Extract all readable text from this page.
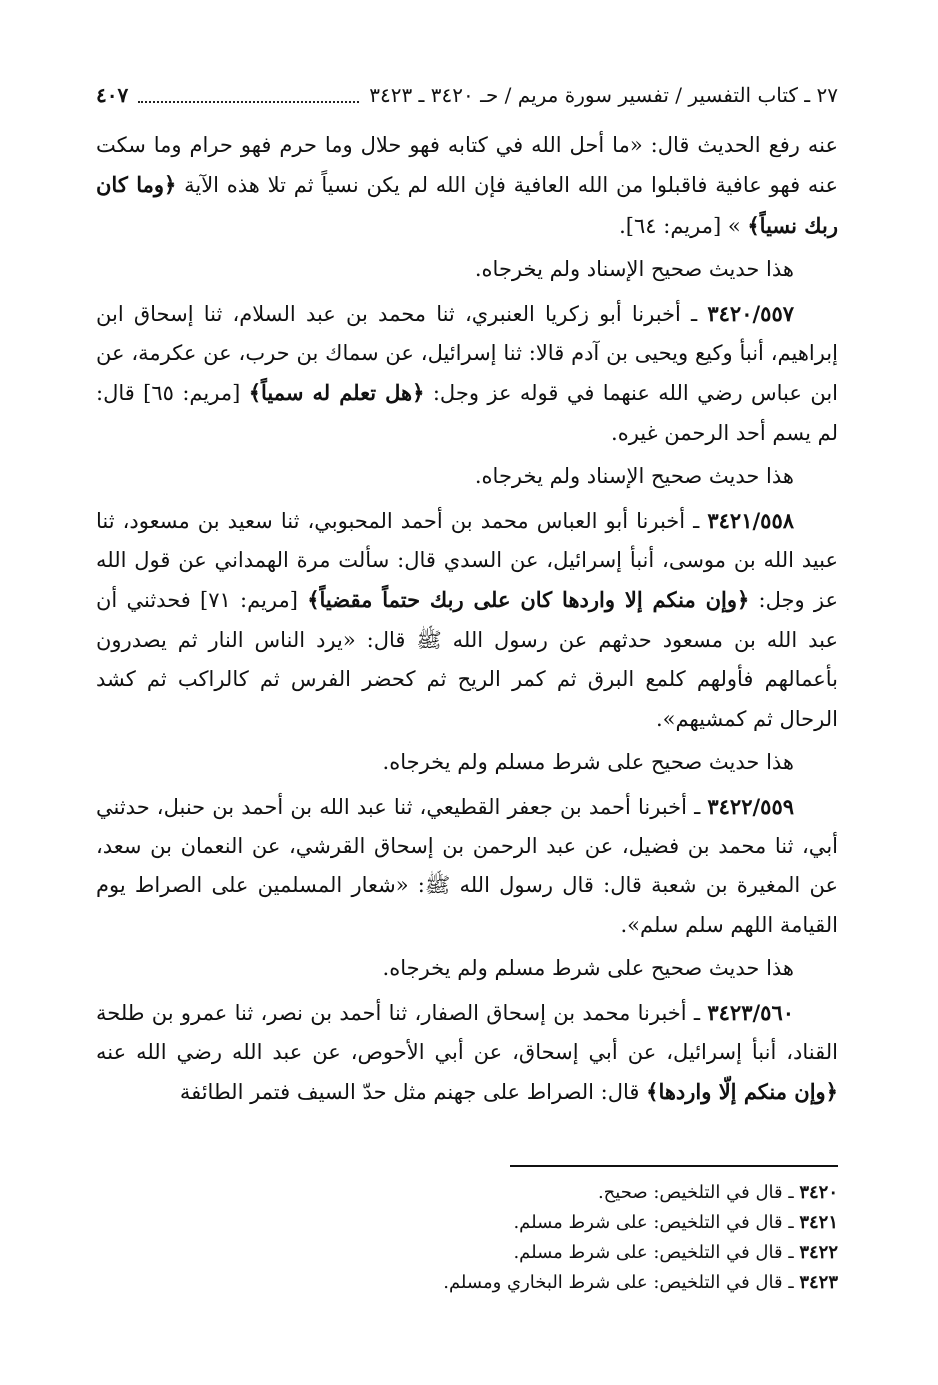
٢٧ ـ كتاب التفسير / تفسير سورة مريم / حـ ٣٤٢٠ ـ ٣٤٢٣
٤٠٧

عنه رفع الحديث قال: «ما أحل الله في كتابه فهو حلال وما حرم فهو حرام وما سكت عنه فهو عافية فاقبلوا من الله العافية فإن الله لم يكن نسياً ثم تلا هذه الآية ﴿وما كان ربك نسياً﴾ » [مريم: ٦٤].

هذا حديث صحيح الإسناد ولم يخرجاه.

٣٤٢٠/٥٥٧ ـ أخبرنا أبو زكريا العنبري، ثنا محمد بن عبد السلام، ثنا إسحاق ابن إبراهيم، أنبأ وكيع ويحيى بن آدم قالا: ثنا إسرائيل، عن سماك بن حرب، عن عكرمة، عن ابن عباس رضي الله عنهما في قوله عز وجل: ﴿هل تعلم له سمياً﴾ [مريم: ٦٥] قال: لم يسم أحد الرحمن غيره.

هذا حديث صحيح الإسناد ولم يخرجاه.

٣٤٢١/٥٥٨ ـ أخبرنا أبو العباس محمد بن أحمد المحبوبي، ثنا سعيد بن مسعود، ثنا عبيد الله بن موسى، أنبأ إسرائيل، عن السدي قال: سألت مرة الهمداني عن قول الله عز وجل: ﴿وإن منكم إلا واردها كان على ربك حتماً مقضياً﴾ [مريم: ٧١] فحدثني أن عبد الله بن مسعود حدثهم عن رسول الله ﷺ قال: «يرد الناس النار ثم يصدرون بأعمالهم فأولهم كلمع البرق ثم كمر الريح ثم كحضر الفرس ثم كالراكب ثم كشد الرحال ثم كمشيهم».

هذا حديث صحيح على شرط مسلم ولم يخرجاه.

٣٤٢٢/٥٥٩ ـ أخبرنا أحمد بن جعفر القطيعي، ثنا عبد الله بن أحمد بن حنبل، حدثني أبي، ثنا محمد بن فضيل، عن عبد الرحمن بن إسحاق القرشي، عن النعمان بن سعد، عن المغيرة بن شعبة قال: قال رسول الله ﷺ: «شعار المسلمين على الصراط يوم القيامة اللهم سلم سلم».

هذا حديث صحيح على شرط مسلم ولم يخرجاه.

٣٤٢٣/٥٦٠ ـ أخبرنا محمد بن إسحاق الصفار، ثنا أحمد بن نصر، ثنا عمرو بن طلحة القناد، أنبأ إسرائيل، عن أبي إسحاق، عن أبي الأحوص، عن عبد الله رضي الله عنه ﴿وإن منكم إلّا واردها﴾ قال: الصراط على جهنم مثل حدّ السيف فتمر الطائفة

٣٤٢٠ ـ قال في التلخيص: صحيح.
٣٤٢١ ـ قال في التلخيص: على شرط مسلم.
٣٤٢٢ ـ قال في التلخيص: على شرط مسلم.
٣٤٢٣ ـ قال في التلخيص: على شرط البخاري ومسلم.
